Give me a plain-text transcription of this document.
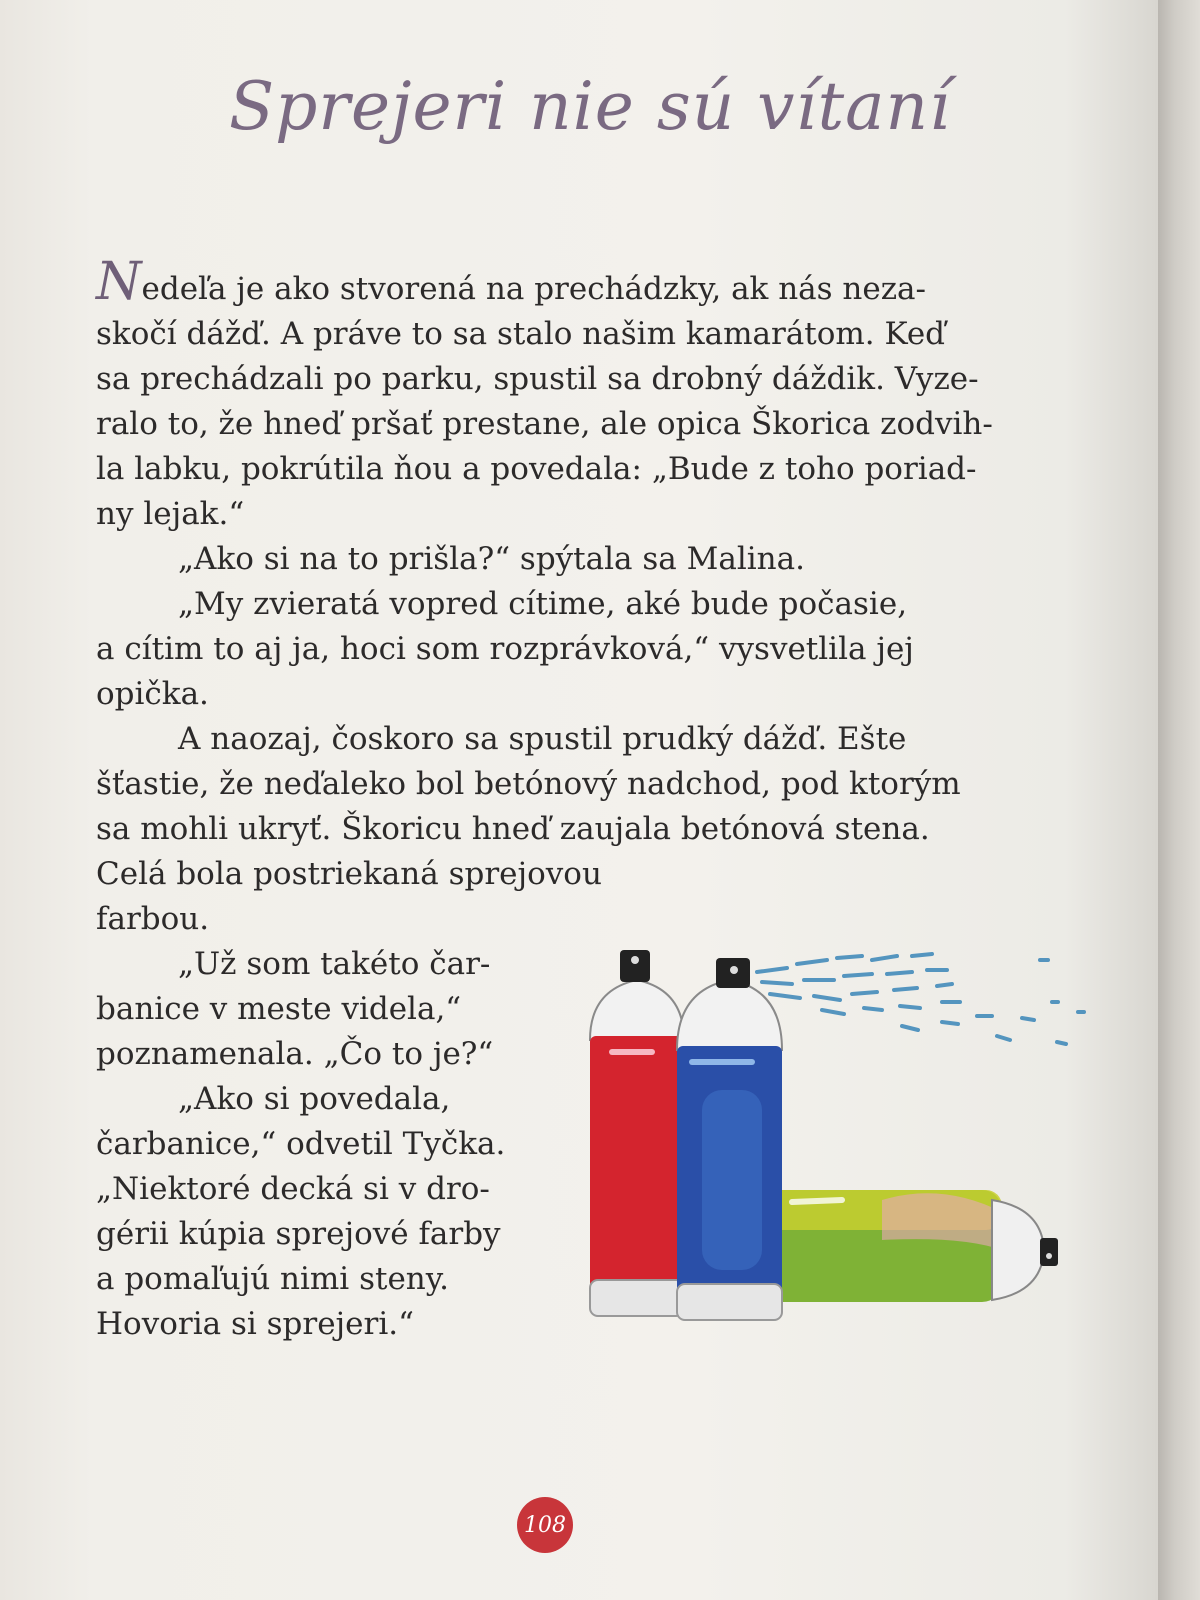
Sprejeri nie sú vítaní
Nedeľa je ako stvorená na prechádzky, ak nás neza-
skočí dážď. A práve to sa stalo našim kamarátom. Keď
sa prechádzali po parku, spustil sa drobný dáždik. Vyze-
ralo to, že hneď pršať prestane, ale opica Škorica zodvih-
la labku, pokrútila ňou a povedala: „Bude z toho poriad-
ny lejak.“
„Ako si na to prišla?“ spýtala sa Malina.
„My zvieratá vopred cítime, aké bude počasie,
a cítim to aj ja, hoci som rozprávková,“ vysvetlila jej
opička.
A naozaj, čoskoro sa spustil prudký dážď. Ešte
šťastie, že neďaleko bol betónový nadchod, pod ktorým
sa mohli ukryť. Škoricu hneď zaujala betónová stena.
Celá bola postriekaná sprejovou
farbou.
„Už som takéto čar-
banice v meste videla,“
poznamenala. „Čo to je?“
„Ako si povedala,
čarbanice,“ odvetil Tyčka.
„Niektoré decká si v dro-
gérii kúpia sprejové farby
a pomaľujú nimi steny.
Hovoria si sprejeri.“
108
